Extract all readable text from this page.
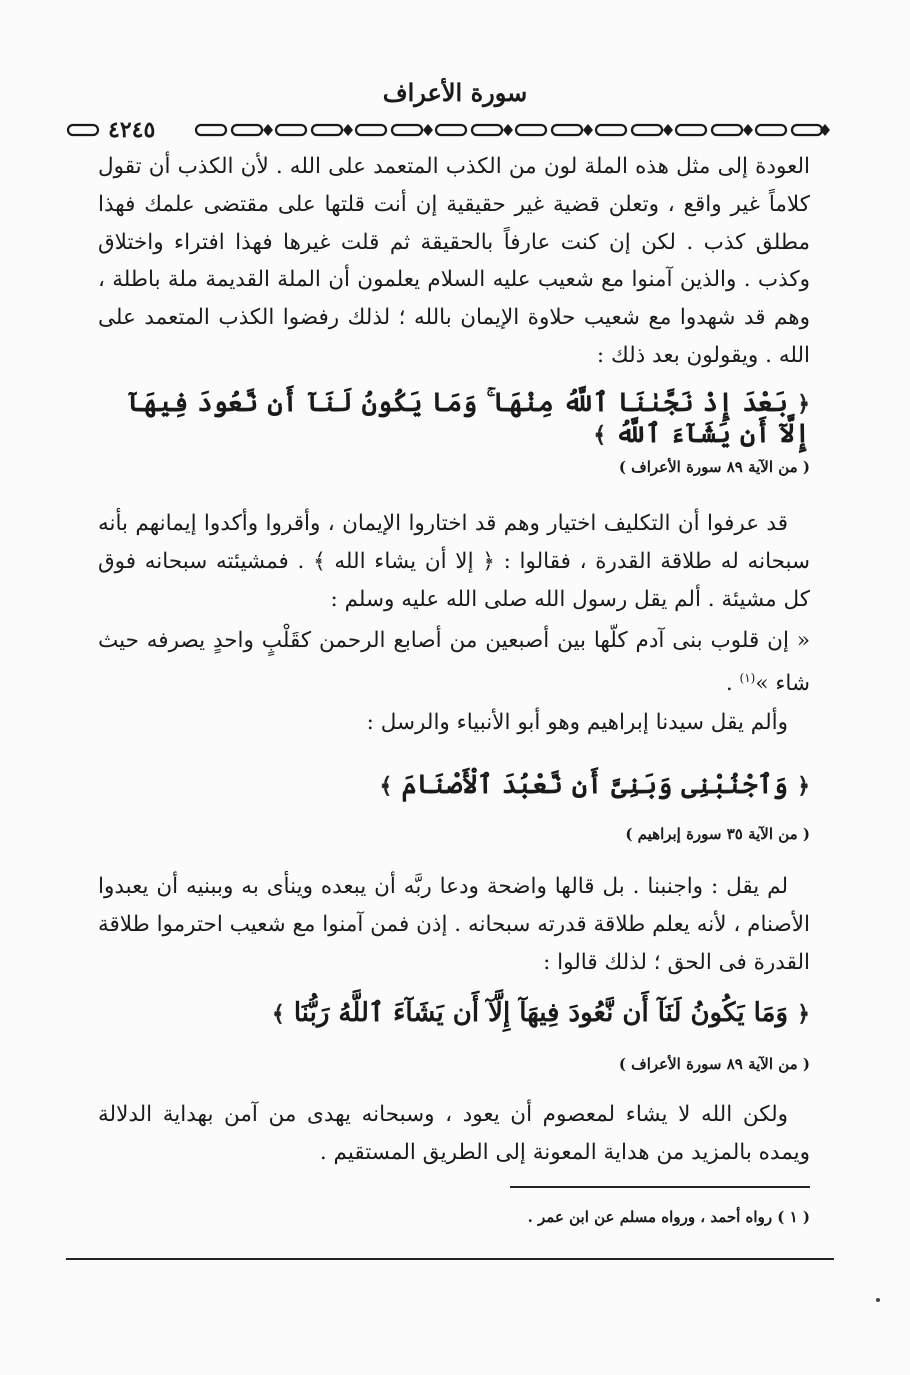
سورة الأعراف
٤٢٤٥

العودة إلى مثل هذه الملة لون من الكذب المتعمد على الله . لأن الكذب أن تقول كلاماً غير واقع ، وتعلن قضية غير حقيقية إن أنت قلتها على مقتضى علمك فهذا مطلق كذب . لكن إن كنت عارفاً بالحقيقة ثم قلت غيرها فهذا افتراء واختلاق وكذب . والذين آمنوا مع شعيب عليه السلام يعلمون أن الملة القديمة ملة باطلة ، وهم قد شهدوا مع شعيب حلاوة الإيمان بالله ؛ لذلك رفضوا الكذب المتعمد على الله . ويقولون بعد ذلك :

﴿ بَعْدَ إِذْ نَجَّىٰنَا ٱللَّهُ مِنْهَا ۚ وَمَا يَكُونُ لَنَآ أَن نَّعُودَ فِيهَآ إِلَّآ أَن يَشَآءَ ٱللَّهُ ﴾

( من الآية ٨٩ سورة الأعراف )

قد عرفوا أن التكليف اختيار وهم قد اختاروا الإيمان ، وأقروا وأكدوا إيمانهم بأنه سبحانه له طلاقة القدرة ، فقالوا : ﴿ إلا أن يشاء الله ﴾ . فمشيئته سبحانه فوق كل مشيئة . ألم يقل رسول الله صلى الله عليه وسلم :

« إن قلوب بنى آدم كلّها بين أصبعين من أصابع الرحمن كقَلْبٍ واحدٍ يصرفه حيث شاء »$^{(١)}$ .

وألم يقل سيدنا إبراهيم وهو أبو الأنبياء والرسل :

﴿ وَٱجْنُبْنِى وَبَنِىَّ أَن نَّعْبُدَ ٱلْأَصْنَامَ ﴾

( من الآية ٣٥ سورة إبراهيم )

لم يقل : واجنبنا . بل قالها واضحة ودعا ربَّه أن يبعده وينأى به وببنيه أن يعبدوا الأصنام ، لأنه يعلم طلاقة قدرته سبحانه . إذن فمن آمنوا مع شعيب احترموا طلاقة القدرة فى الحق ؛ لذلك قالوا :

﴿ وَمَا يَكُونُ لَنَآ أَن نَّعُودَ فِيهَآ إِلَّآ أَن يَشَآءَ ٱللَّهُ رَبُّنَا ﴾

( من الآية ٨٩ سورة الأعراف )

ولكن الله لا يشاء لمعصوم أن يعود ، وسبحانه يهدى من آمن بهداية الدلالة ويمده بالمزيد من هداية المعونة إلى الطريق المستقيم .

( ١ ) رواه أحمد ، ورواه مسلم عن ابن عمر .
